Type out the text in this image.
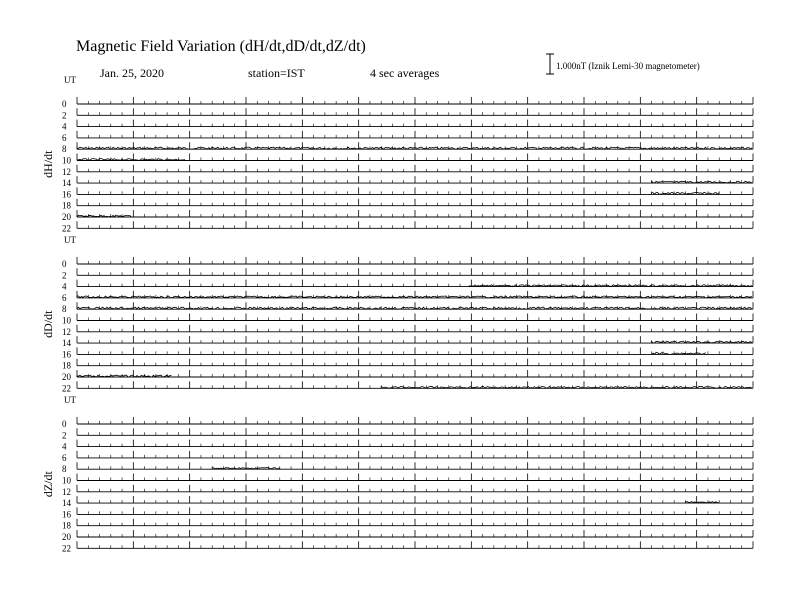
Magnetic Field Variation (dH/dt,dD/dt,dZ/dt)
Jan. 25, 2020	station=IST	4 sec averages	1.000nT (Iznik Lemi-30 magnetometer)
UT
dH/dt
0
2
4
6
8
10
12
14
16
18
20
22
UT
dD/dt
0
2
4
6
8
10
12
14
16
18
20
22
UT
dZ/dt
0
2
4
6
8
10
12
14
16
18
20
22
